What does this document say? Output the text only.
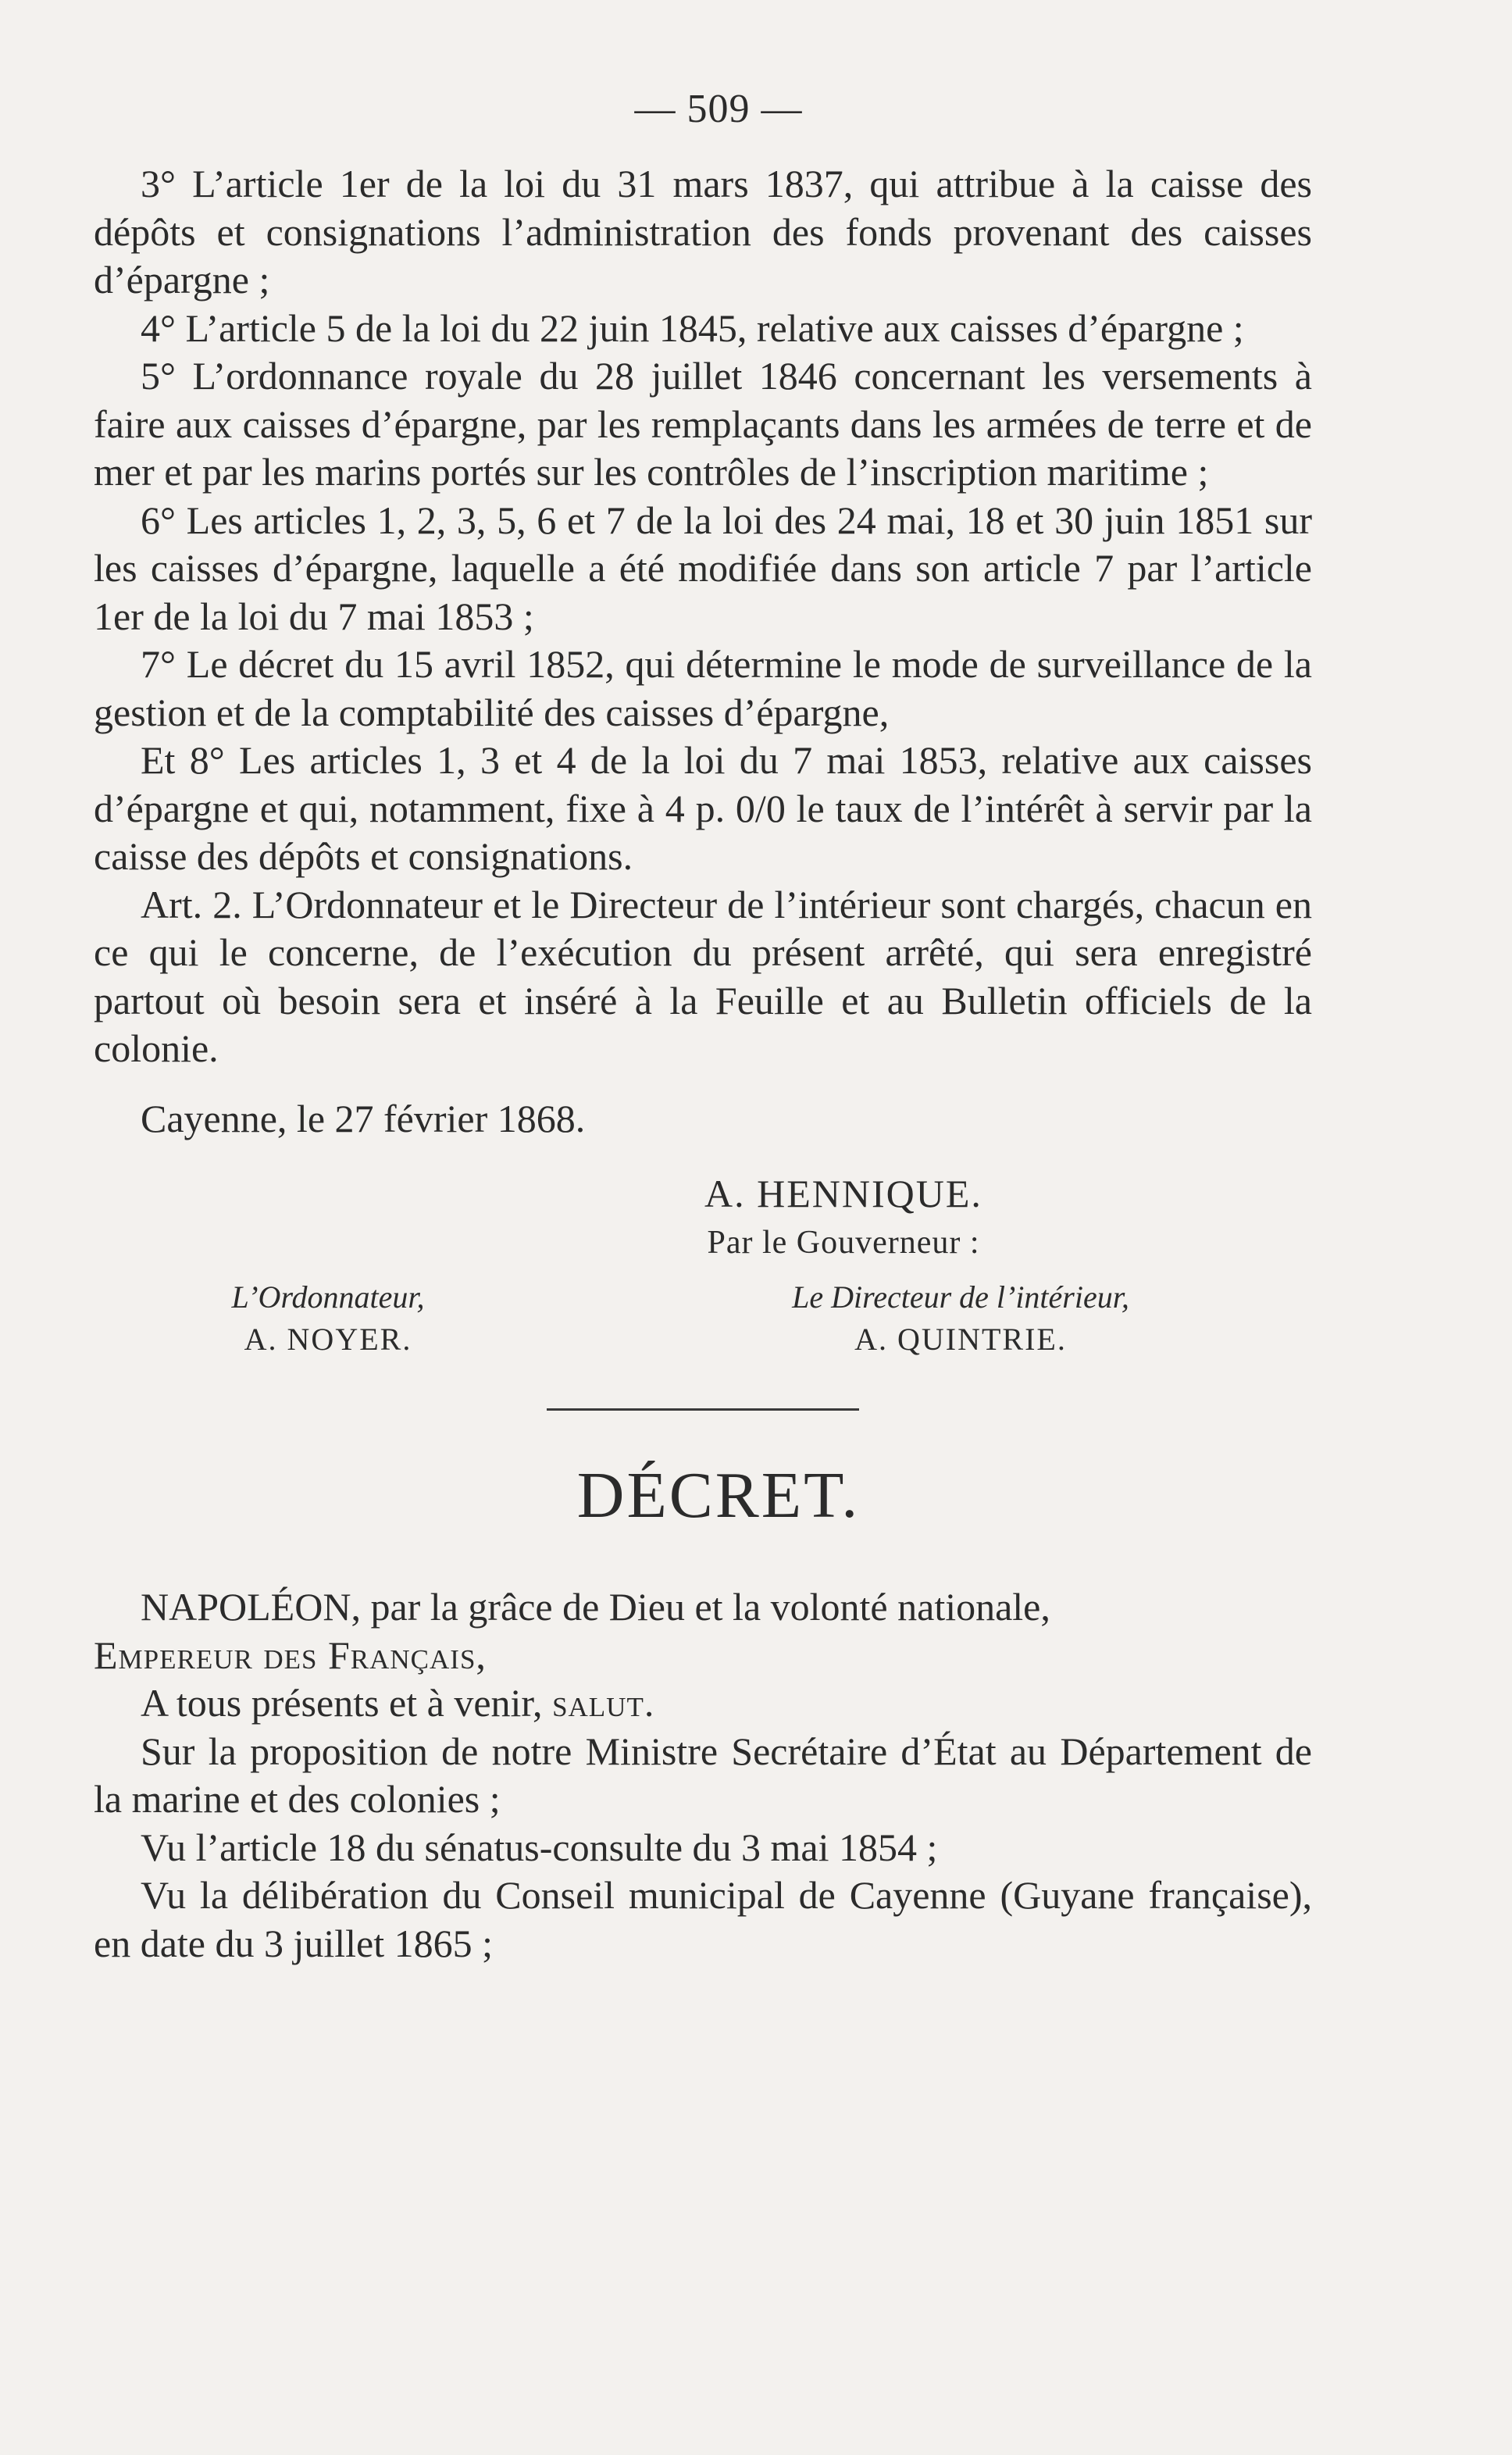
— 509 —

3° L’article 1er de la loi du 31 mars 1837, qui attribue à la caisse des dépôts et consignations l’administration des fonds provenant des caisses d’épargne ;

4° L’article 5 de la loi du 22 juin 1845, relative aux caisses d’épargne ;

5° L’ordonnance royale du 28 juillet 1846 concernant les versements à faire aux caisses d’épargne, par les remplaçants dans les armées de terre et de mer et par les marins portés sur les contrôles de l’inscription maritime ;

6° Les articles 1, 2, 3, 5, 6 et 7 de la loi des 24 mai, 18 et 30 juin 1851 sur les caisses d’épargne, laquelle a été modifiée dans son article 7 par l’article 1er de la loi du 7 mai 1853 ;

7° Le décret du 15 avril 1852, qui détermine le mode de surveillance de la gestion et de la comptabilité des caisses d’épargne,

Et 8° Les articles 1, 3 et 4 de la loi du 7 mai 1853, relative aux caisses d’épargne et qui, notamment, fixe à 4 p. 0/0 le taux de l’intérêt à servir par la caisse des dépôts et consignations.

Art. 2. L’Ordonnateur et le Directeur de l’intérieur sont chargés, chacun en ce qui le concerne, de l’exécution du présent arrêté, qui sera enregistré partout où besoin sera et inséré à la Feuille et au Bulletin officiels de la colonie.

Cayenne, le 27 février 1868.
A. HENNIQUE.
Par le Gouverneur :
L’Ordonnateur,
A. NOYER.
Le Directeur de l’intérieur,
A. QUINTRIE.
DÉCRET.

NAPOLÉON, par la grâce de Dieu et la volonté nationale,

Empereur des Français,

A tous présents et à venir, salut.

Sur la proposition de notre Ministre Secrétaire d’État au Département de la marine et des colonies ;

Vu l’article 18 du sénatus-consulte du 3 mai 1854 ;

Vu la délibération du Conseil municipal de Cayenne (Guyane française), en date du 3 juillet 1865 ;
